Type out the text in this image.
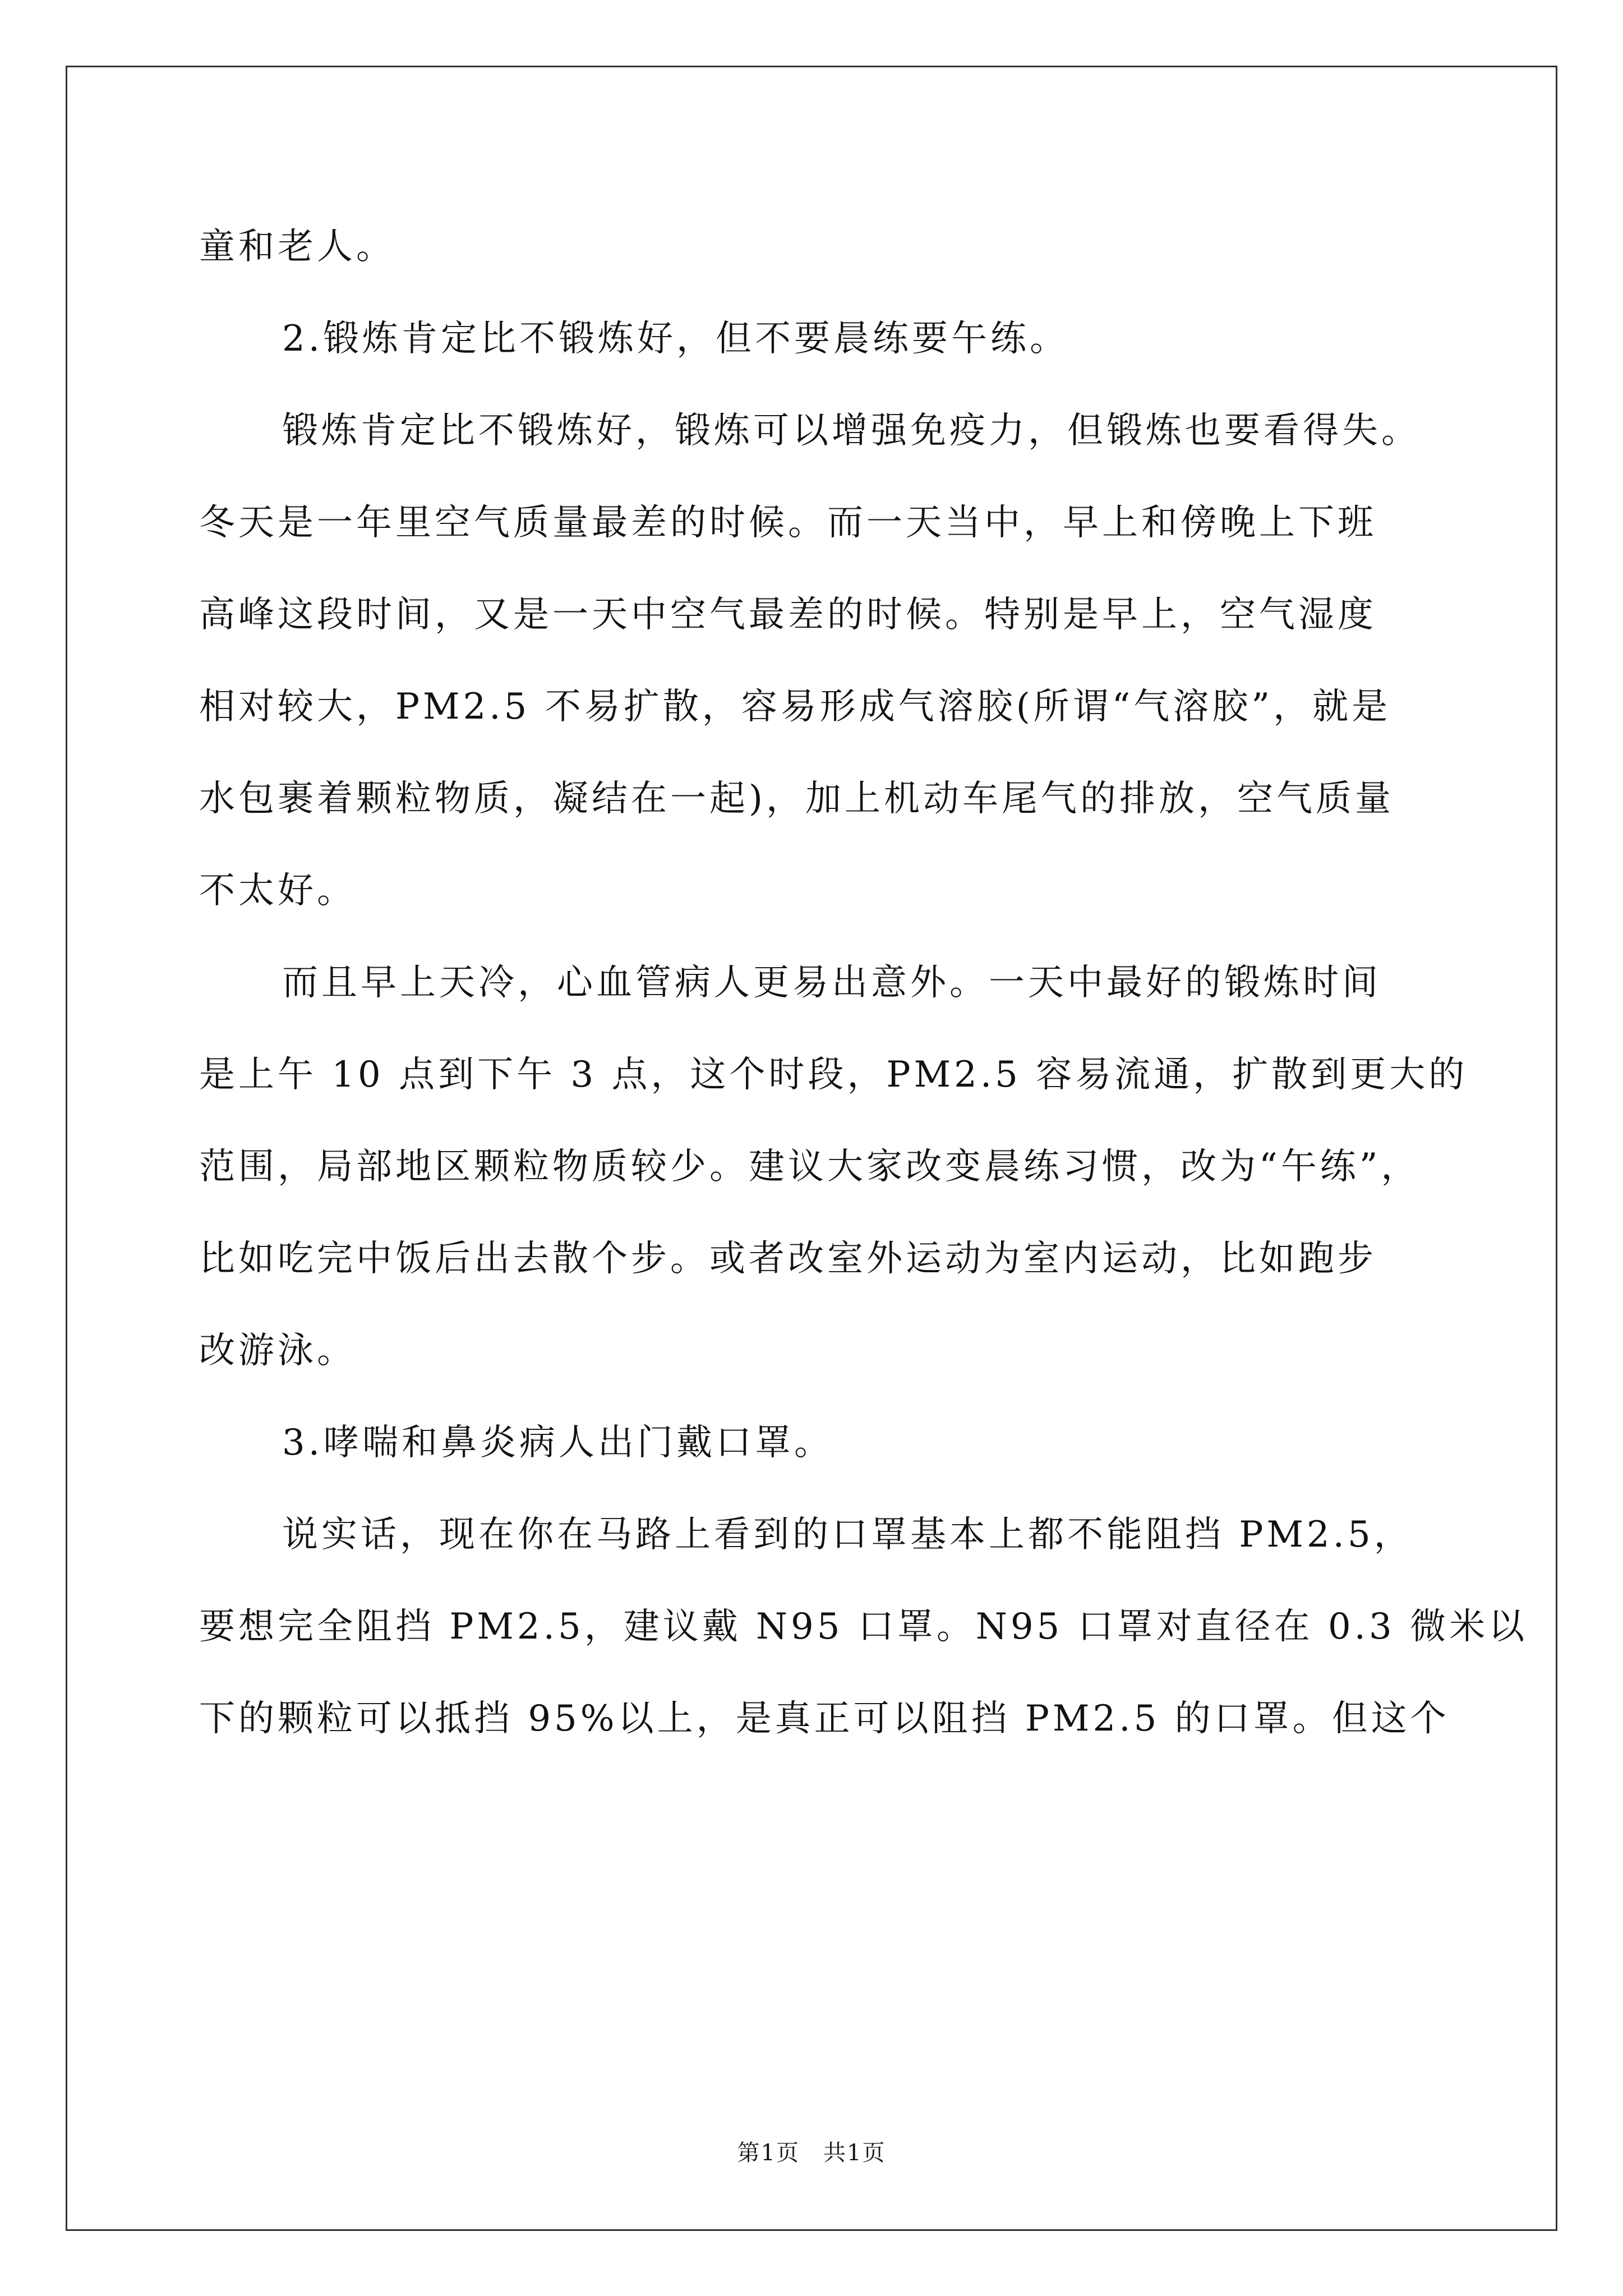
童和老人。
2.锻炼肯定比不锻炼好，但不要晨练要午练。
锻炼肯定比不锻炼好，锻炼可以增强免疫力，但锻炼也要看得失。
冬天是一年里空气质量最差的时候。而一天当中，早上和傍晚上下班
高峰这段时间，又是一天中空气最差的时候。特别是早上，空气湿度
相对较大，PM2.5 不易扩散，容易形成气溶胶(所谓“气溶胶”，就是
水包裹着颗粒物质，凝结在一起)，加上机动车尾气的排放，空气质量
不太好。
而且早上天冷，心血管病人更易出意外。一天中最好的锻炼时间
是上午 10 点到下午 3 点，这个时段，PM2.5 容易流通，扩散到更大的
范围，局部地区颗粒物质较少。建议大家改变晨练习惯，改为“午练”，
比如吃完中饭后出去散个步。或者改室外运动为室内运动，比如跑步
改游泳。
3.哮喘和鼻炎病人出门戴口罩。
说实话，现在你在马路上看到的口罩基本上都不能阻挡 PM2.5，
要想完全阻挡 PM2.5，建议戴 N95 口罩。N95 口罩对直径在 0.3 微米以
下的颗粒可以抵挡 95%以上，是真正可以阻挡 PM2.5 的口罩。但这个
第1页　共1页
